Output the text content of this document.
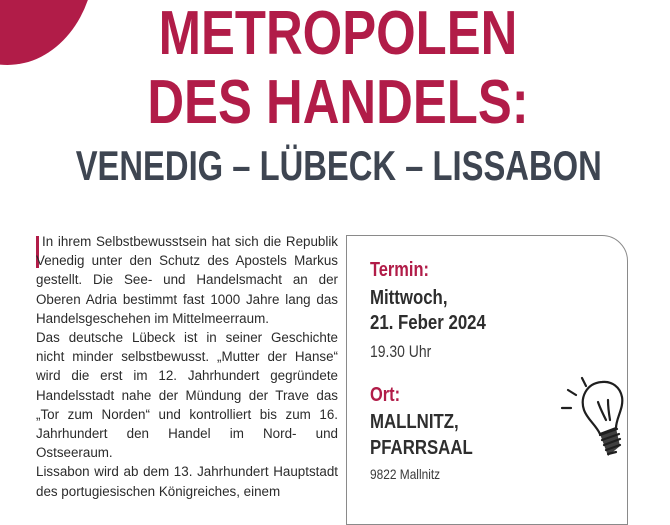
METROPOLEN
DES HANDELS:
VENEDIG – LÜBECK – LISSABON

In ihrem Selbstbewusstsein hat sich die Republik Venedig unter den Schutz des Apostels Markus gestellt. Die See- und Handelsmacht an der Oberen Adria bestimmt fast 1000 Jahre lang das Handelsgeschehen im Mittelmeerraum.

Das deutsche Lübeck ist in seiner Geschichte nicht minder selbstbewusst. „Mutter der Hanse“ wird die erst im 12. Jahrhundert gegründete Handelsstadt nahe der Mündung der Trave das „Tor zum Norden“ und kontrolliert bis zum 16. Jahrhundert den Handel im Nord- und Ostseeraum.

Lissabon wird ab dem 13. Jahrhundert Hauptstadt des portugiesischen Königreiches, einem

Termin:
Mittwoch,
21. Feber 2024
19.30 Uhr
Ort:
MALLNITZ,
PFARRSAAL
9822 Mallnitz
